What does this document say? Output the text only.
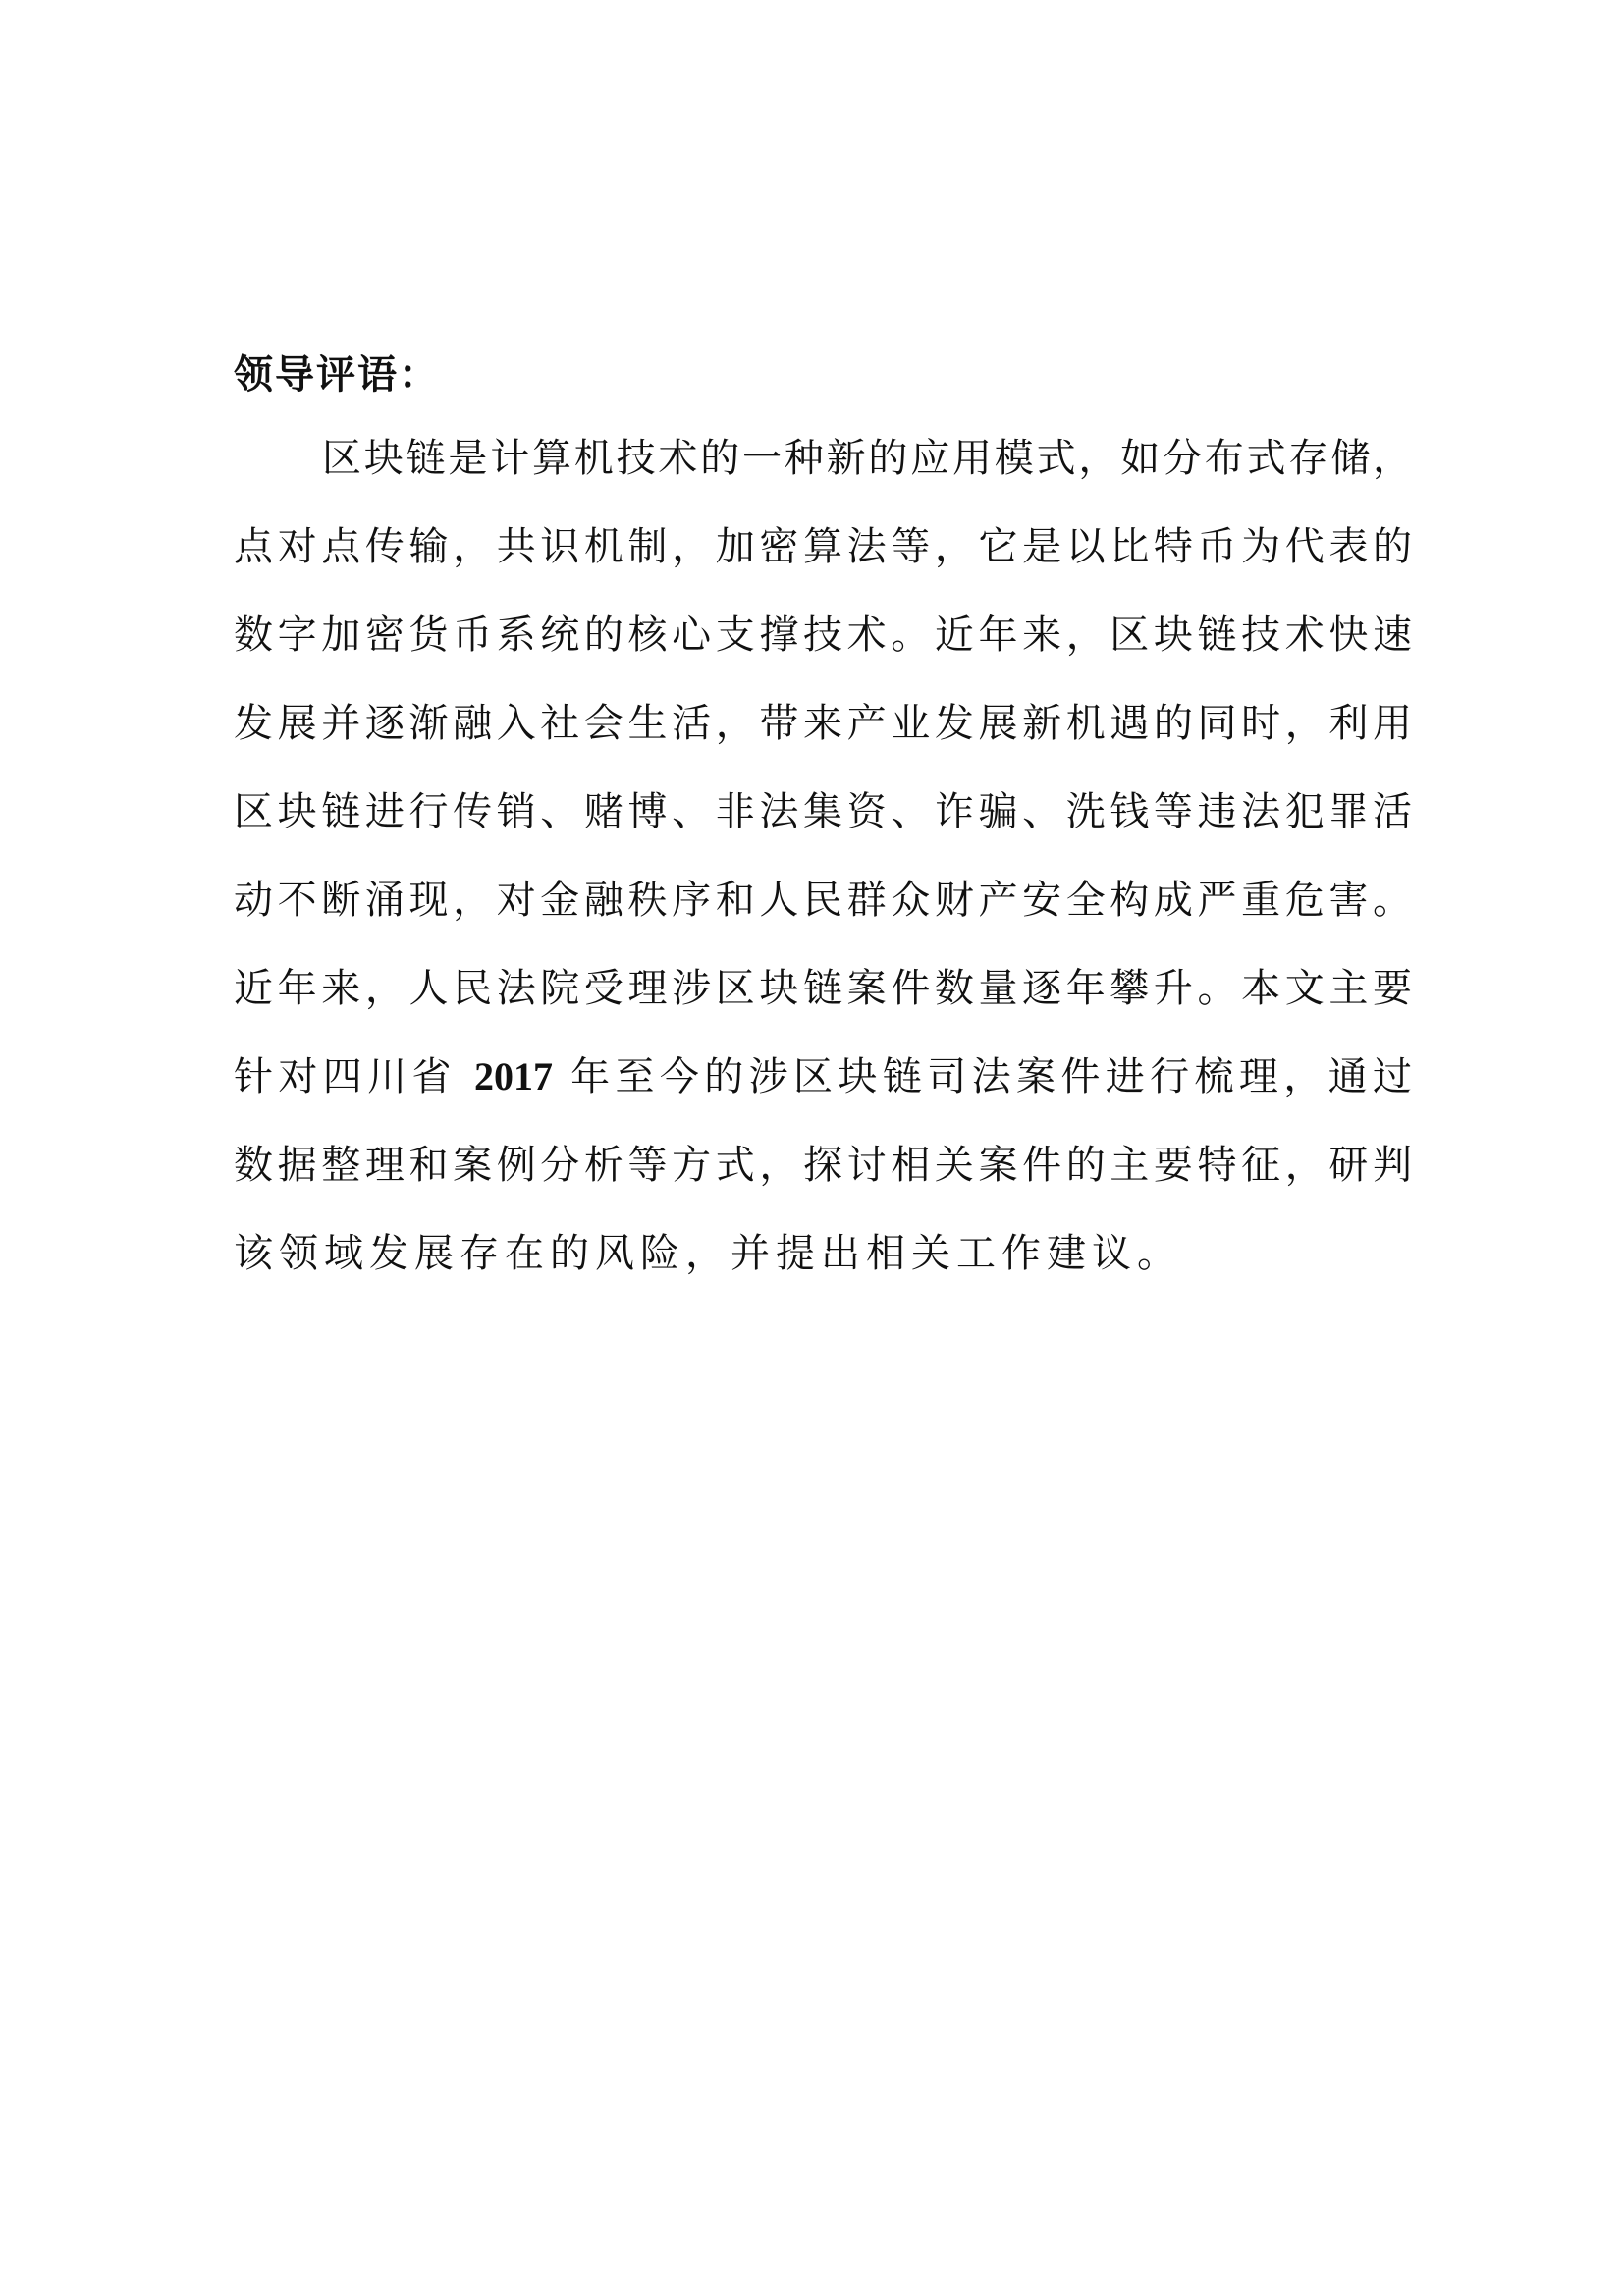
领导评语：
区块链是计算机技术的一种新的应用模式，如分布式存储，
点对点传输，共识机制，加密算法等，它是以比特币为代表的
数字加密货币系统的核心支撑技术。近年来，区块链技术快速
发展并逐渐融入社会生活，带来产业发展新机遇的同时，利用
区块链进行传销、赌博、非法集资、诈骗、洗钱等违法犯罪活
动不断涌现，对金融秩序和人民群众财产安全构成严重危害。
近年来，人民法院受理涉区块链案件数量逐年攀升。本文主要
针对四川省 2017 年至今的涉区块链司法案件进行梳理，通过
数据整理和案例分析等方式，探讨相关案件的主要特征，研判
该领域发展存在的风险，并提出相关工作建议。
